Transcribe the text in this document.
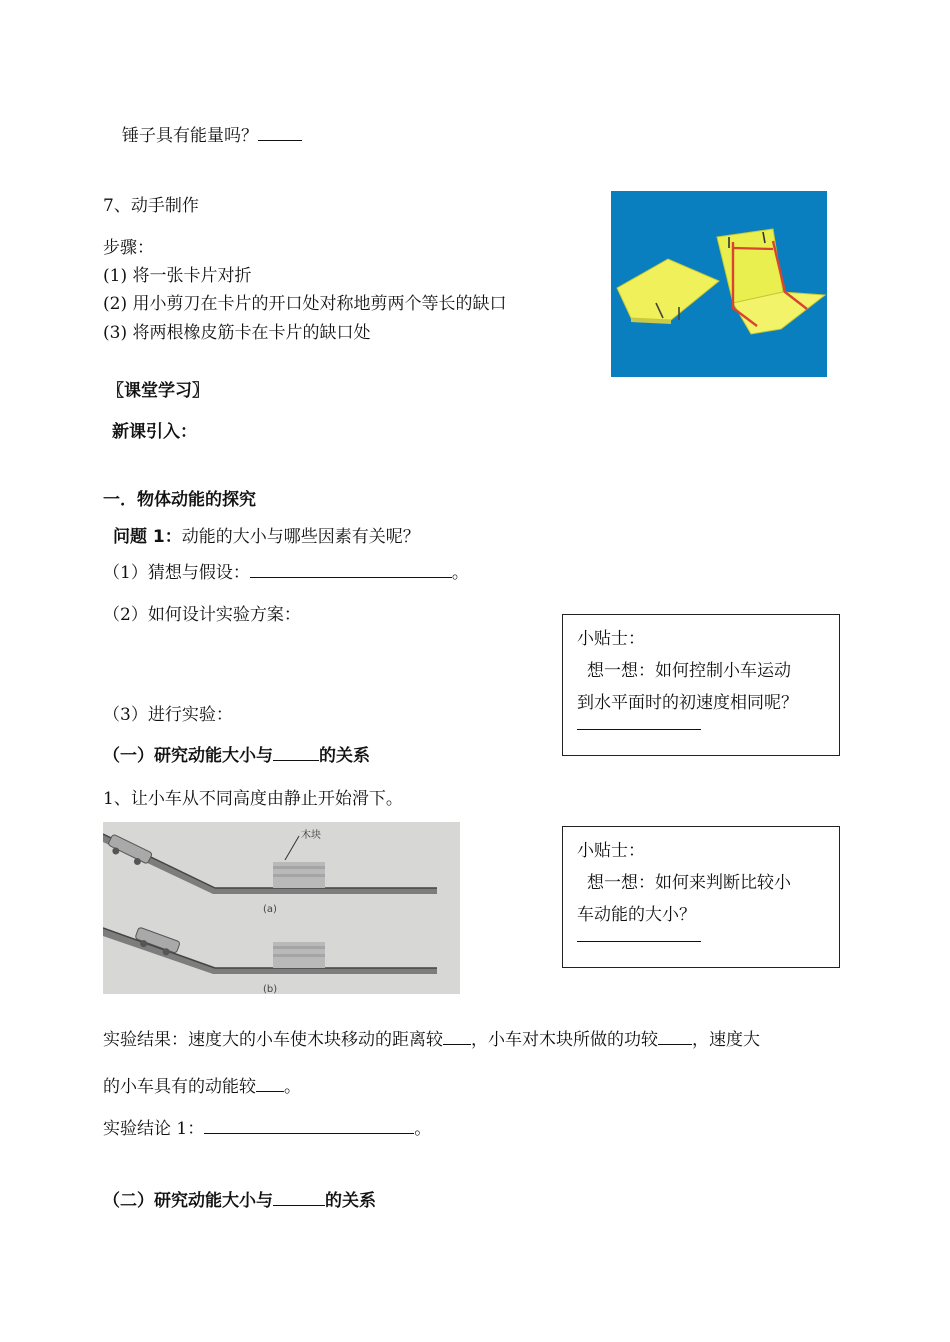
锤子具有能量吗？
7、动手制作
步骤：
(1) 将一张卡片对折
(2) 用小剪刀在卡片的开口处对称地剪两个等长的缺口
(3) 将两根橡皮筋卡在卡片的缺口处
〖课堂学习〗
新课引入：
一．物体动能的探究
问题 1：动能的大小与哪些因素有关呢？
（1）猜想与假设：	。
（2）如何设计实验方案：
（3）进行实验：
小贴士：
想一想：如何控制小车运动
到水平面时的初速度相同呢？
（一）研究动能大小与	的关系
1、让小车从不同高度由静止开始滑下。
木块
(a)
(b)
小贴士：
想一想：如何来判断比较小
车动能的大小？
实验结果：速度大的小车使木块移动的距离较 ，小车对木块所做的功较 ，速度大
的小车具有的动能较 。
实验结论 1：	。
（二）研究动能大小与	的关系
